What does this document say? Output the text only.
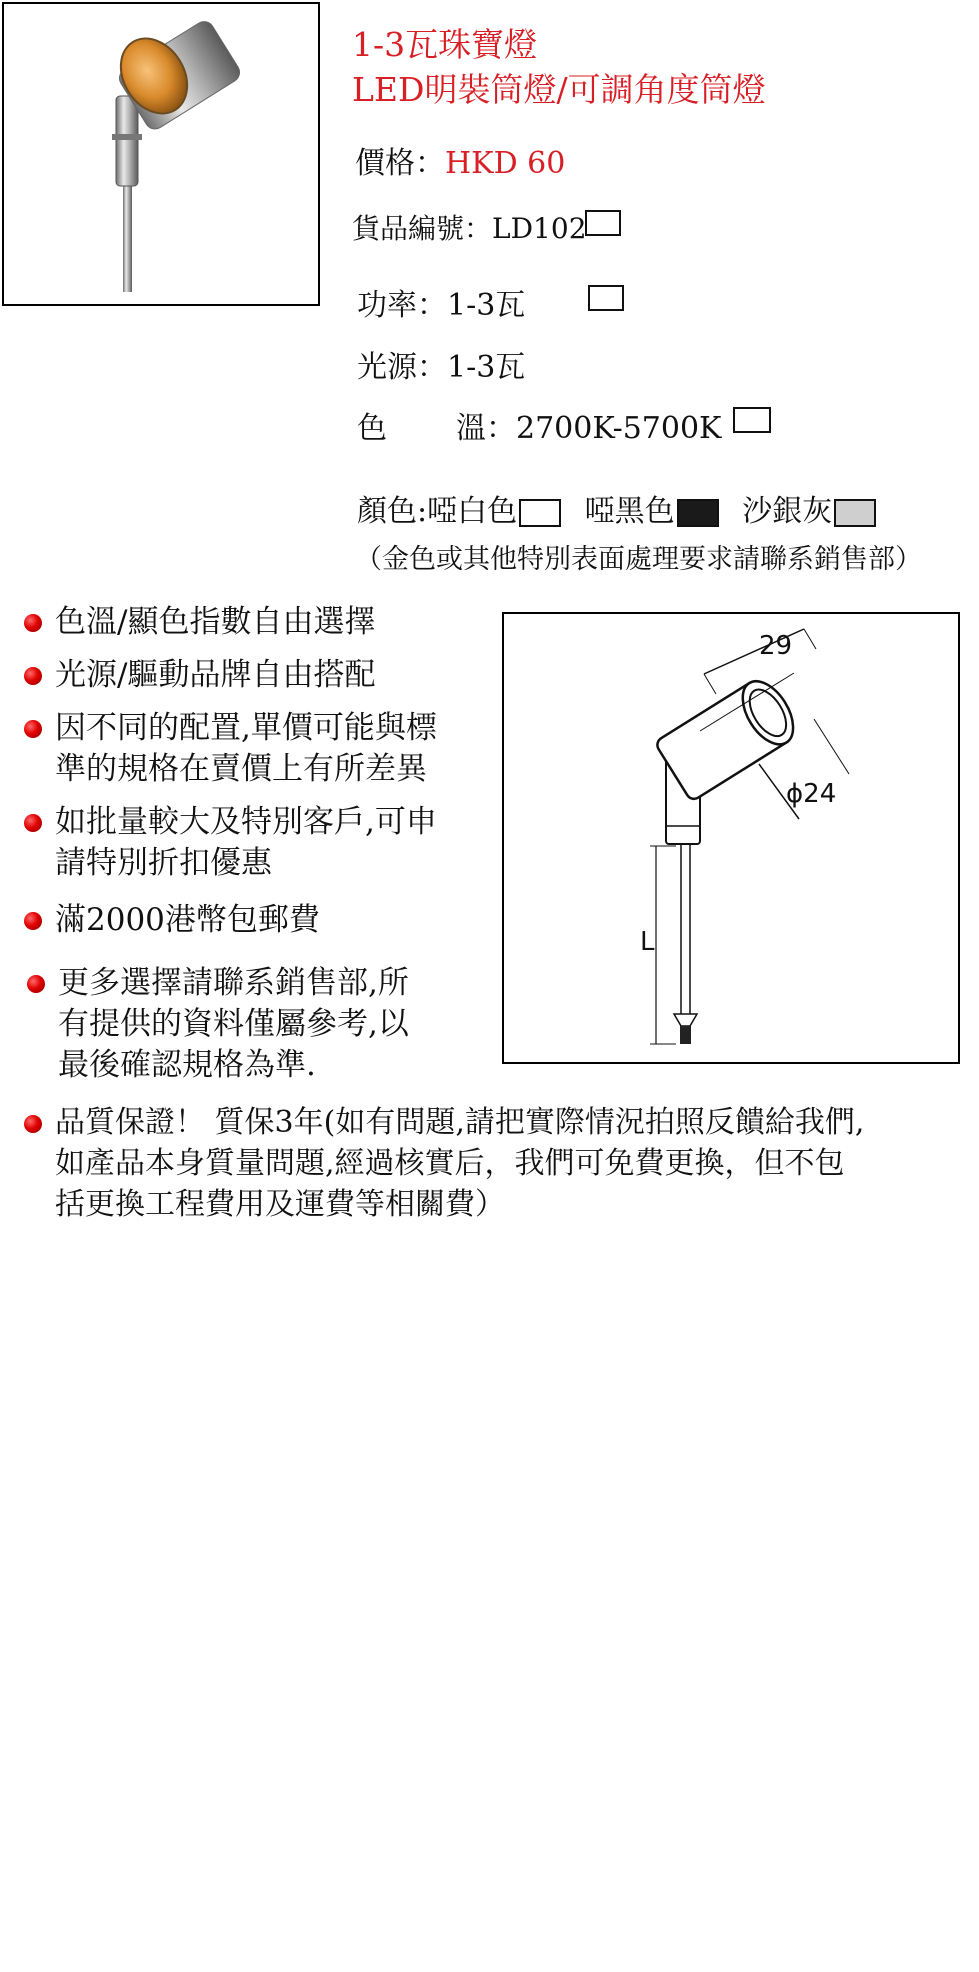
1-3瓦珠寶燈
LED明裝筒燈/可調角度筒燈
價格：HKD 60
貨品編號：LD102
功率：1-3瓦
光源：1-3瓦
色 溫：2700K-5700K
顏色:啞白色 啞黑色 沙銀灰
（金色或其他特別表面處理要求請聯系銷售部）
色溫/顯色指數自由選擇
光源/驅動品牌自由搭配
因不同的配置,單價可能與標
準的規格在賣價上有所差異
如批量較大及特別客戶,可申
請特別折扣優惠
滿2000港幣包郵費
更多選擇請聯系銷售部,所
有提供的資料僅屬參考,以
最後確認規格為準.
品質保證！ 質保3年(如有問題,請把實際情況拍照反饋給我們,
如產品本身質量問題,經過核實后，我們可免費更換，但不包
括更換工程費用及運費等相關費）
29
ϕ24
L
